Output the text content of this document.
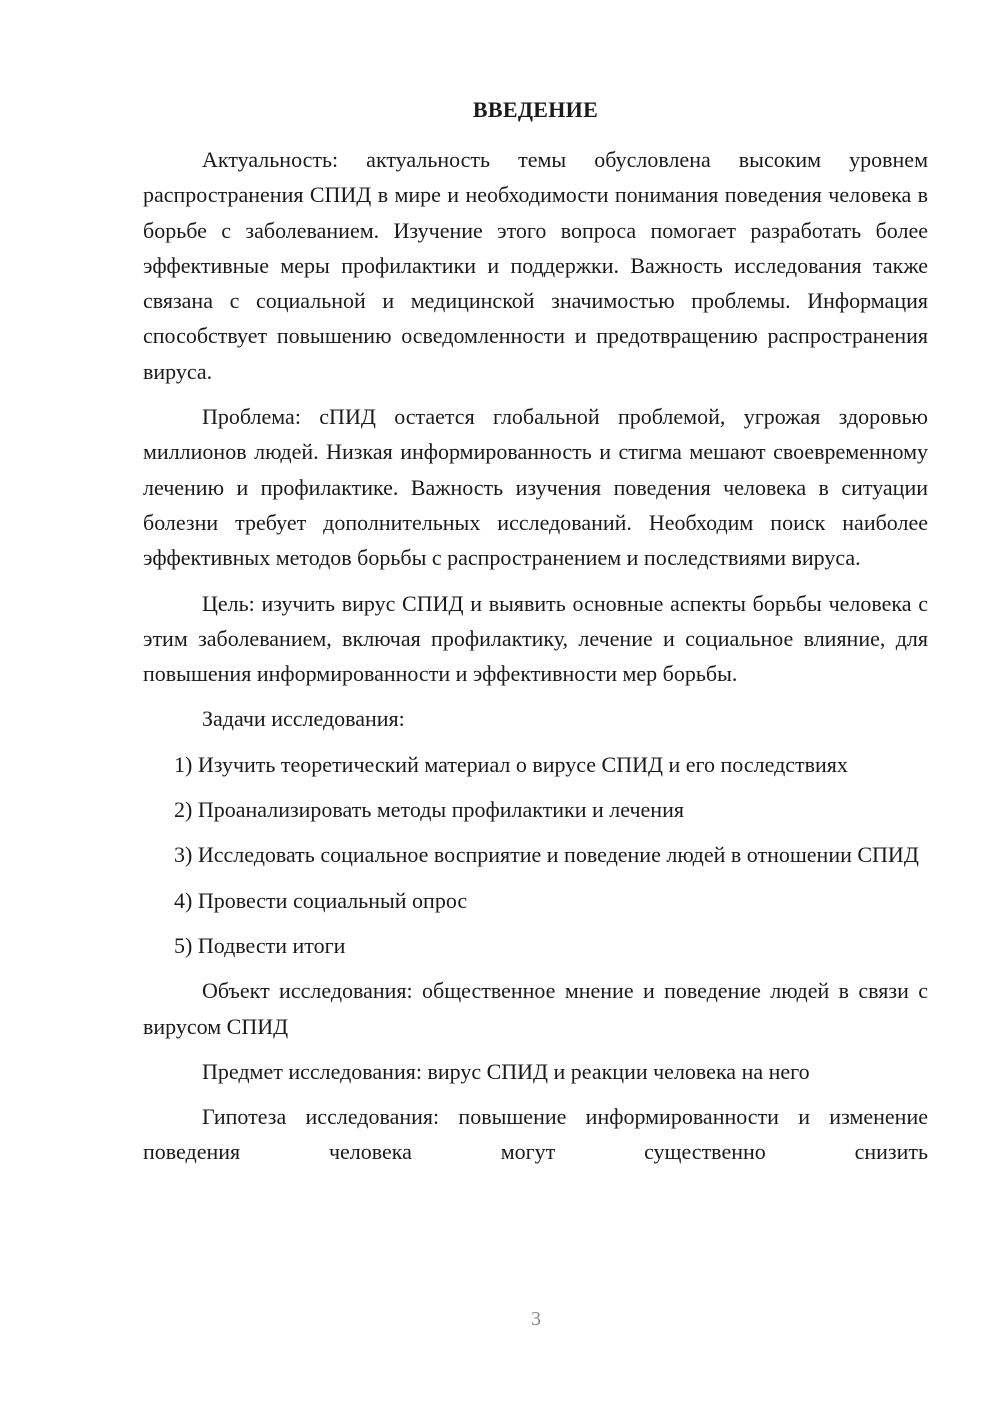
ВВЕДЕНИЕ

Актуальность: актуальность темы обусловлена высоким уровнем распространения СПИД в мире и необходимости понимания поведения человека в борьбе с заболеванием. Изучение этого вопроса помогает разработать более эффективные меры профилактики и поддержки. Важность исследования также связана с социальной и медицинской значимостью проблемы. Информация способствует повышению осведомленности и предотвращению распространения вируса.

Проблема: сПИД остается глобальной проблемой, угрожая здоровью миллионов людей. Низкая информированность и стигма мешают своевременному лечению и профилактике. Важность изучения поведения человека в ситуации болезни требует дополнительных исследований. Необходим поиск наиболее эффективных методов борьбы с распространением и последствиями вируса.

Цель: изучить вирус СПИД и выявить основные аспекты борьбы человека с этим заболеванием, включая профилактику, лечение и социальное влияние, для повышения информированности и эффективности мер борьбы.

Задачи исследования:

1) Изучить теоретический материал о вирусе СПИД и его последствиях

2) Проанализировать методы профилактики и лечения

3) Исследовать социальное восприятие и поведение людей в отношении СПИД

4) Провести социальный опрос

5) Подвести итоги

Объект исследования: общественное мнение и поведение людей в связи с вирусом СПИД

Предмет исследования: вирус СПИД и реакции человека на него

Гипотеза исследования: повышение информированности и изменение поведения человека могут существенно снизить

3
